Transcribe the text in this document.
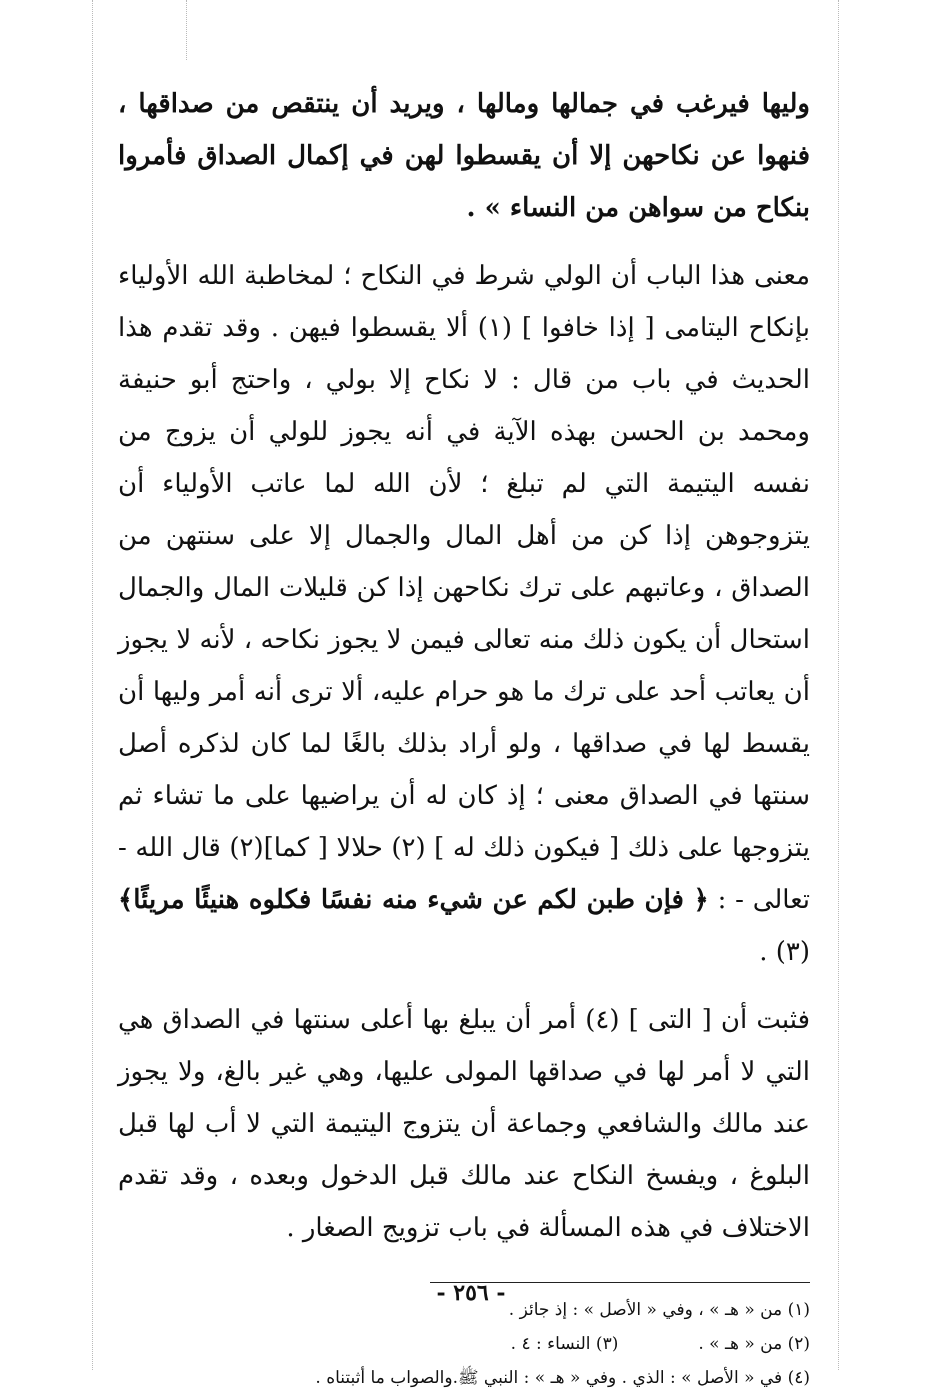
وليها فيرغب في جمالها ومالها ، ويريد أن ينتقص من صداقها ، فنهوا عن نكاحهن إلا أن يقسطوا لهن في إكمال الصداق فأمروا بنكاح من سواهن من النساء » .

معنى هذا الباب أن الولي شرط في النكاح ؛ لمخاطبة الله الأولياء بإنكاح اليتامى [ إذا خافوا ] (١) ألا يقسطوا فيهن . وقد تقدم هذا الحديث في باب من قال : لا نكاح إلا بولي ، واحتج أبو حنيفة ومحمد بن الحسن بهذه الآية في أنه يجوز للولي أن يزوج من نفسه اليتيمة التي لم تبلغ ؛ لأن الله لما عاتب الأولياء أن يتزوجوهن إذا كن من أهل المال والجمال إلا على سنتهن من الصداق ، وعاتبهم على ترك نكاحهن إذا كن قليلات المال والجمال استحال أن يكون ذلك منه تعالى فيمن لا يجوز نكاحه ، لأنه لا يجوز أن يعاتب أحد على ترك ما هو حرام عليه، ألا ترى أنه أمر وليها أن يقسط لها في صداقها ، ولو أراد بذلك بالغًا لما كان لذكره أصل سنتها في الصداق معنى ؛ إذ كان له أن يراضيها على ما تشاء ثم يتزوجها على ذلك [ فيكون ذلك له ] (٢) حلالا [ كما](٢) قال الله - تعالى - : ﴿ فإن طبن لكم عن شيء منه نفسًا فكلوه هنيئًا مريئًا﴾(٣) .

فثبت أن [ التى ] (٤) أمر أن يبلغ بها أعلى سنتها في الصداق هي التي لا أمر لها في صداقها المولى عليها، وهي غير بالغ، ولا يجوز عند مالك والشافعي وجماعة أن يتزوج اليتيمة التي لا أب لها قبل البلوغ ، ويفسخ النكاح عند مالك قبل الدخول وبعده ، وقد تقدم الاختلاف في هذه المسألة في باب تزويج الصغار .

(١) من « هـ » ، وفي « الأصل » : إذ جائز .

(٢) من « هـ » .(٣) النساء : ٤ .

(٤) في « الأصل » : الذي . وفي « هـ » : النبي ﷺ.والصواب ما أثبتناه .

- ٢٥٦ -
